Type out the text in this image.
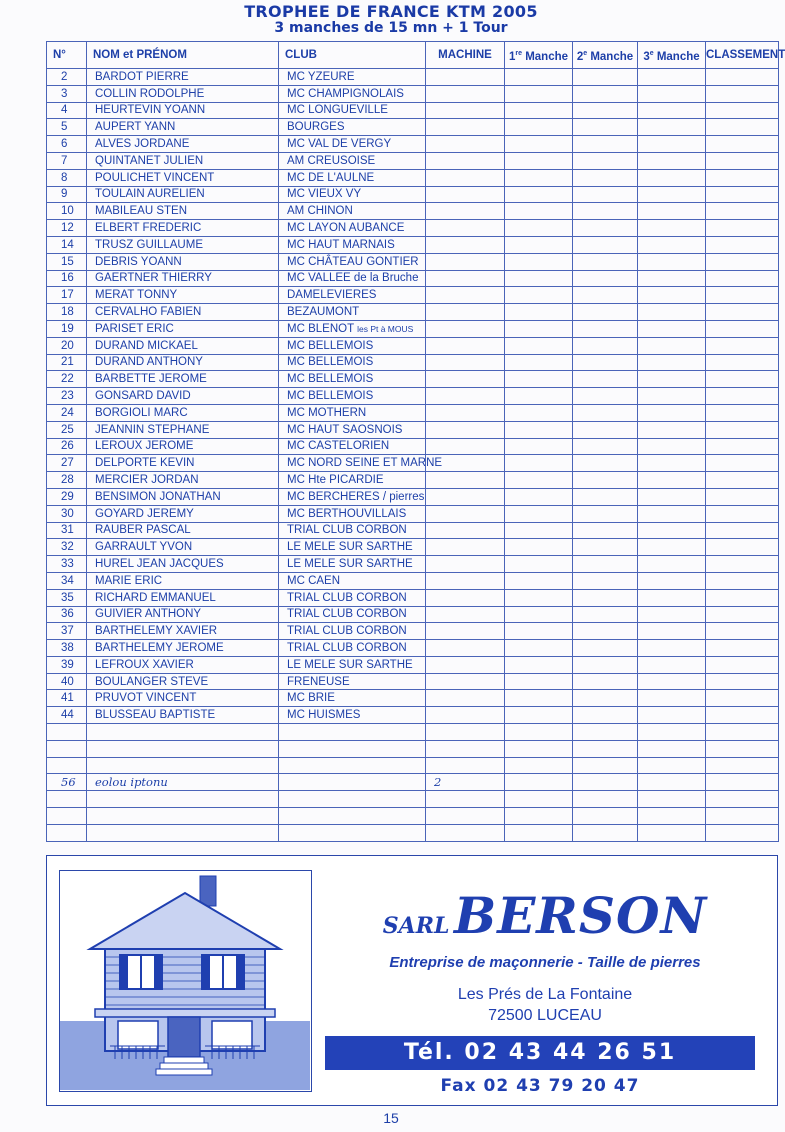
TROPHEE DE FRANCE KTM 2005
3 manches de 15 mn + 1 Tour
N°	NOM et PRÉNOM	CLUB	MACHINE	1re Manche	2e Manche	3e Manche	CLASSEMENT
2	BARDOT PIERRE	MC YZEURE					
3	COLLIN RODOLPHE	MC CHAMPIGNOLAIS					
4	HEURTEVIN YOANN	MC LONGUEVILLE					
5	AUPERT YANN	BOURGES					
6	ALVES JORDANE	MC VAL DE VERGY					
7	QUINTANET JULIEN	AM CREUSOISE					
8	POULICHET VINCENT	MC DE L'AULNE					
9	TOULAIN AURELIEN	MC VIEUX VY					
10	MABILEAU STEN	AM CHINON					
12	ELBERT FREDERIC	MC LAYON AUBANCE					
14	TRUSZ GUILLAUME	MC HAUT MARNAIS					
15	DEBRIS YOANN	MC CHÂTEAU GONTIER					
16	GAERTNER THIERRY	MC VALLEE de la Bruche					
17	MERAT TONNY	DAMELEVIERES					
18	CERVALHO FABIEN	BEZAUMONT					
19	PARISET ERIC	MC BLENOT les Pt à MOUS					
20	DURAND MICKAEL	MC BELLEMOIS					
21	DURAND ANTHONY	MC BELLEMOIS					
22	BARBETTE JEROME	MC BELLEMOIS					
23	GONSARD DAVID	MC BELLEMOIS					
24	BORGIOLI MARC	MC MOTHERN					
25	JEANNIN STEPHANE	MC HAUT SAOSNOIS					
26	LEROUX JEROME	MC CASTELORIEN					
27	DELPORTE KEVIN	MC NORD SEINE ET MARNE					
28	MERCIER JORDAN	MC Hte PICARDIE					
29	BENSIMON JONATHAN	MC BERCHERES / pierres					
30	GOYARD JEREMY	MC BERTHOUVILLAIS					
31	RAUBER PASCAL	TRIAL CLUB CORBON					
32	GARRAULT YVON	LE MELE SUR SARTHE					
33	HUREL JEAN JACQUES	LE MELE SUR SARTHE					
34	MARIE ERIC	MC CAEN					
35	RICHARD EMMANUEL	TRIAL CLUB CORBON					
36	GUIVIER ANTHONY	TRIAL CLUB CORBON					
37	BARTHELEMY XAVIER	TRIAL CLUB CORBON					
38	BARTHELEMY JEROME	TRIAL CLUB CORBON					
39	LEFROUX XAVIER	LE MELE SUR SARTHE					
40	BOULANGER STEVE	FRENEUSE					
41	PRUVOT VINCENT	MC BRIE					
44	BLUSSEAU BAPTISTE	MC HUISMES					

56	eolou iptonu		2				

SARL BERSON
Entreprise de maçonnerie - Taille de pierres
Les Prés de La Fontaine
72500 LUCEAU
Tél. 02 43 44 26 51
Fax 02 43 79 20 47
15
